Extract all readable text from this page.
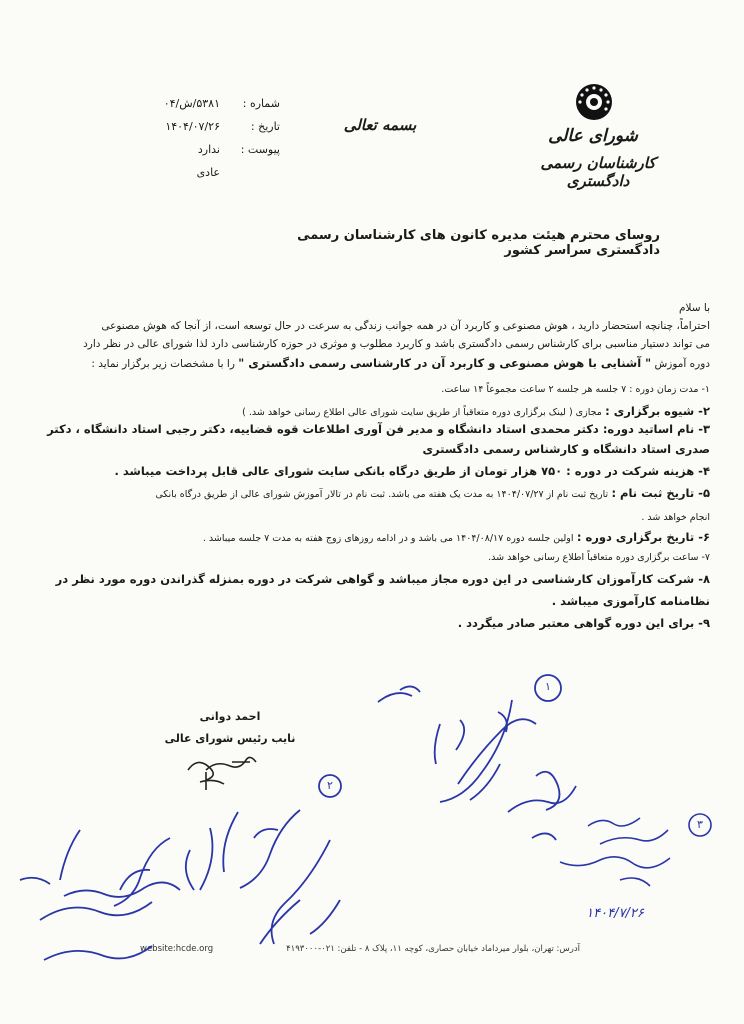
شماره :
۵۳۸۱/ش/۰۴
تاریخ :
۱۴۰۴/۰۷/۲۶
پیوست :
ندارد
عادی
بسمه تعالی
شورای عالی
کارشناسان رسمی دادگستری
روسای محترم هیئت مدیره کانون های کارشناسان رسمی دادگستری سراسر کشور
با سلام
احتراماً، چنانچه استحضار دارید ، هوش مصنوعی و کاربرد آن در همه جوانب زندگی به سرعت در حال توسعه است، از آنجا که هوش مصنوعی
می تواند دستیار مناسبی برای کارشناس رسمی دادگستری باشد و کاربرد مطلوب و موثری در حوزه کارشناسی دارد لذا شورای عالی در نظر دارد
دوره آموزش " آشنایی با هوش مصنوعی و کاربرد آن در کارشناسی رسمی دادگستری " را با مشخصات زیر برگزار نماید :
۱- مدت زمان دوره : ۷ جلسه هر جلسه ۲ ساعت مجموعاً ۱۴ ساعت.
۲- شیوه برگزاری : مجازی ( لینک برگزاری دوره متعاقباً از طریق سایت شورای عالی اطلاع رسانی خواهد شد. )
۳- نام اساتید دوره: دکتر محمدی استاد دانشگاه و مدیر فن آوری اطلاعات قوه قضاییه، دکتر رجبی استاد دانشگاه ، دکتر
صدری استاد دانشگاه و کارشناس رسمی دادگستری
۴- هزینه شرکت در دوره : ۷۵۰ هزار تومان از طریق درگاه بانکی سایت شورای عالی قابل پرداخت میباشد .
۵- تاریخ ثبت نام : تاریخ ثبت نام از ۱۴۰۴/۰۷/۲۷ به مدت یک هفته می باشد. ثبت نام در تالار آموزش شورای عالی از طریق درگاه بانکی
انجام خواهد شد .
۶- تاریخ برگزاری دوره : اولین جلسه دوره ۱۴۰۴/۰۸/۱۷ می باشد و در ادامه روزهای زوج هفته به مدت ۷ جلسه میباشد .
۷- ساعت برگزاری دوره متعاقباً اطلاع رسانی خواهد شد.
۸- شرکت کارآموزان کارشناسی در این دوره مجاز میباشد و گواهی شرکت در دوره بمنزله گذراندن دوره مورد نظر در
نظامنامه کارآموزی میباشد .
۹- برای این دوره گواهی معتبر صادر میگردد .
احمد دوانی
نایب رئیس شورای عالی
website:hcde.org	آدرس: تهران، بلوار میرداماد خیابان حصاری، کوچه ۱۱، پلاک ۸ - تلفن: ۰۲۱-۴۱۹۳۰۰۰
۱
۲
۳
۱۴۰۴/۷/۲۶
